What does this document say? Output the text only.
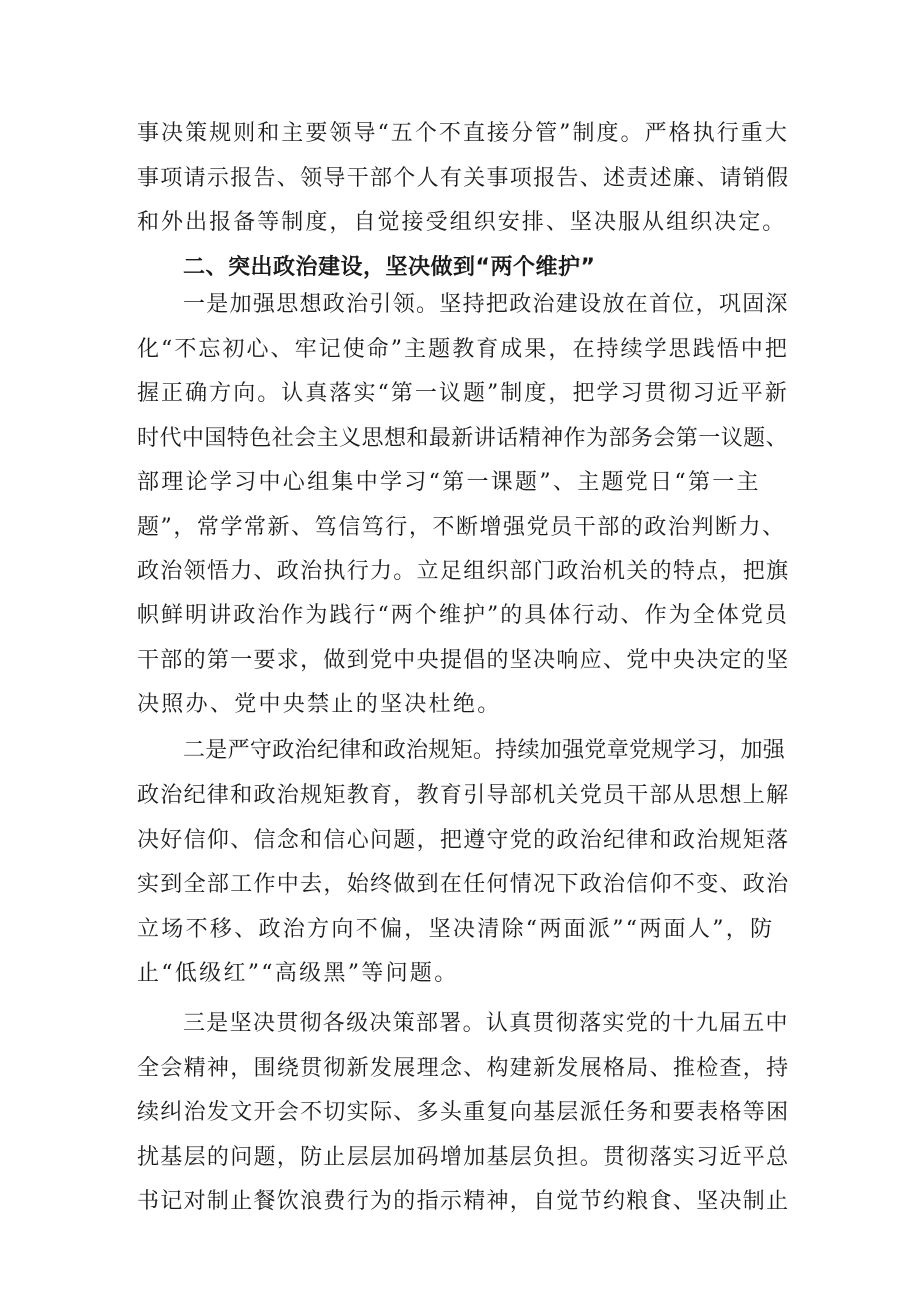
事决策规则和主要领导“五个不直接分管”制度。严格执行重大
事项请示报告、领导干部个人有关事项报告、述责述廉、请销假
和外出报备等制度，自觉接受组织安排、坚决服从组织决定。
二、突出政治建设，坚决做到“两个维护”
一是加强思想政治引领。坚持把政治建设放在首位，巩固深
化“不忘初心、牢记使命”主题教育成果，在持续学思践悟中把
握正确方向。认真落实“第一议题”制度，把学习贯彻习近平新
时代中国特色社会主义思想和最新讲话精神作为部务会第一议题、
部理论学习中心组集中学习“第一课题”、主题党日“第一主
题”，常学常新、笃信笃行，不断增强党员干部的政治判断力、
政治领悟力、政治执行力。立足组织部门政治机关的特点，把旗
帜鲜明讲政治作为践行“两个维护”的具体行动、作为全体党员
干部的第一要求，做到党中央提倡的坚决响应、党中央决定的坚
决照办、党中央禁止的坚决杜绝。
二是严守政治纪律和政治规矩。持续加强党章党规学习，加强
政治纪律和政治规矩教育，教育引导部机关党员干部从思想上解
决好信仰、信念和信心问题，把遵守党的政治纪律和政治规矩落
实到全部工作中去，始终做到在任何情况下政治信仰不变、政治
立场不移、政治方向不偏，坚决清除“两面派”“两面人”，防
止“低级红”“高级黑”等问题。
三是坚决贯彻各级决策部署。认真贯彻落实党的十九届五中
全会精神，围绕贯彻新发展理念、构建新发展格局、推检查，持
续纠治发文开会不切实际、多头重复向基层派任务和要表格等困
扰基层的问题，防止层层加码增加基层负担。贯彻落实习近平总
书记对制止餐饮浪费行为的指示精神，自觉节约粮食、坚决制止
